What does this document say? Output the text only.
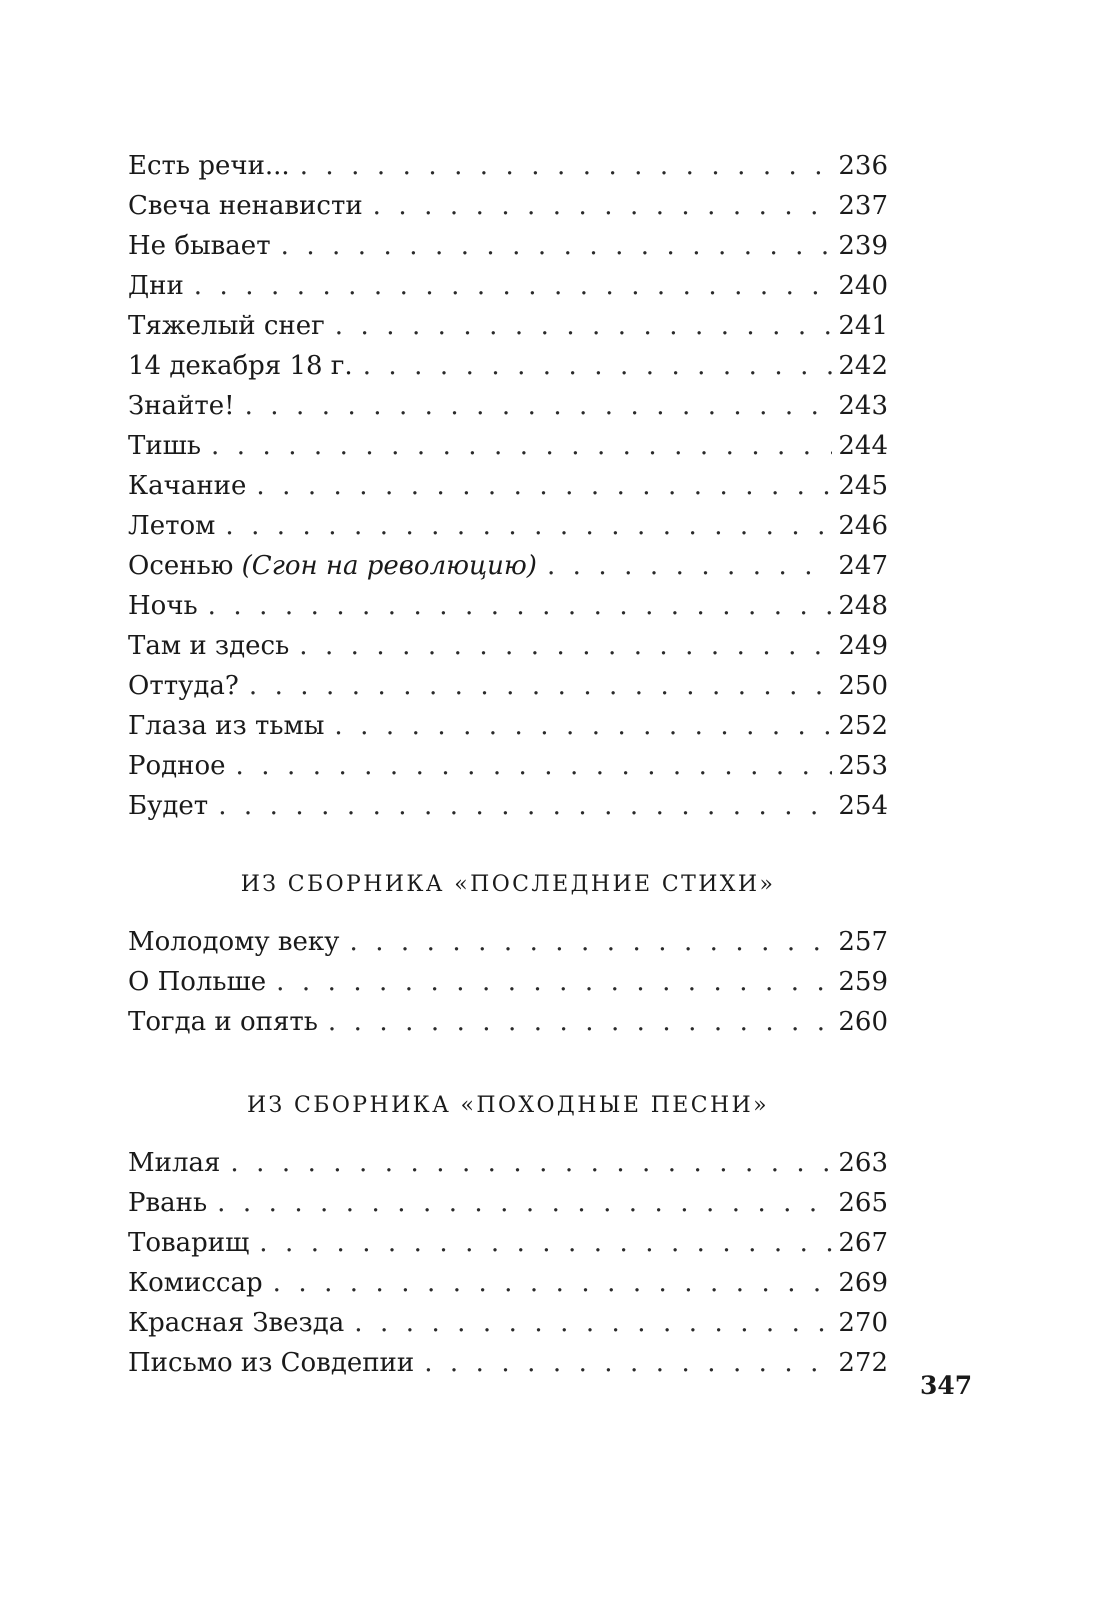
Есть речи... . . .	236
Свеча ненависти . . .	237
Не бывает . . .	239
Дни . . .	240
Тяжелый снег . . .	241
14 декабря 18 г. . . .	242
Знайте! . . .	243
Тишь . . .	244
Качание . . .	245
Летом . . .	246
Осенью (Сгон на революцию) . . .	247
Ночь . . .	248
Там и здесь . . .	249
Оттуда? . . .	250
Глаза из тьмы . . .	252
Родное . . .	253
Будет . . .	254
ИЗ СБОРНИКА «ПОСЛЕДНИЕ СТИХИ»
Молодому веку . . .	257
О Польше . . .	259
Тогда и опять . . .	260
ИЗ СБОРНИКА «ПОХОДНЫЕ ПЕСНИ»
Милая . . .	263
Рвань . . .	265
Товарищ . . .	267
Комиссар . . .	269
Красная Звезда . . .	270
Письмо из Совдепии . . .	272
347
